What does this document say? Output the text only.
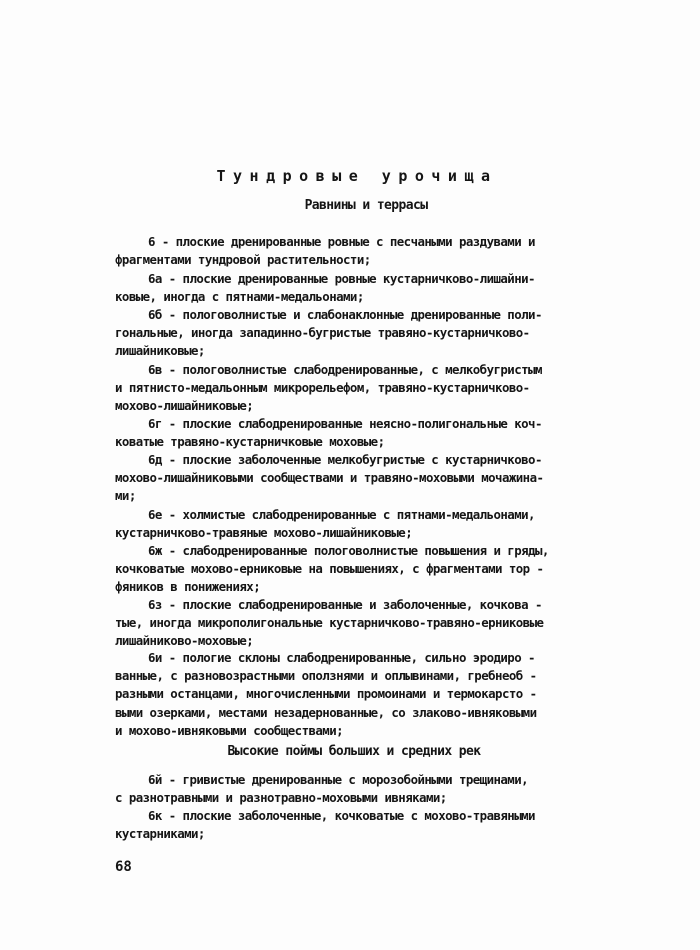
Тундровые урочища
Равнины и террасы
6 - плоские дренированные ровные с песчаными раздувами и
фрагментами тундровой растительности;
6а - плоские дренированные ровные кустарничково-лишайни-
ковые, иногда с пятнами-медальонами;
6б - пологоволнистые и слабонаклонные дренированные поли-
гональные, иногда западинно-бугристые травяно-кустарничково-
лишайниковые;
6в - пологоволнистые слабодренированные, с мелкобугристым
и пятнисто-медальонным микрорельефом, травяно-кустарничково-
мохово-лишайниковые;
6г - плоские слабодренированные неясно-полигональные коч-
коватые травяно-кустарничковые моховые;
6д - плоские заболоченные мелкобугристые с кустарничково-
мохово-лишайниковыми сообществами и травяно-моховыми мочажина-
ми;
6е - холмистые слабодренированные с пятнами-медальонами,
кустарничково-травяные мохово-лишайниковые;
6ж - слабодренированные пологоволнистые повышения и гряды,
кочковатые мохово-ерниковые на повышениях, с фрагментами тор -
фяников в понижениях;
6з - плоские слабодренированные и заболоченные, кочкова -
тые, иногда микрополигональные кустарничково-травяно-ерниковые
лишайниково-моховые;
6и - пологие склоны слабодренированные, сильно эродиро -
ванные, с разновозрастными оползнями и оплывинами, гребнеоб -
разными останцами, многочисленными промоинами и термокарсто -
выми озерками, местами незадернованные, со злаково-ивняковыми
и мохово-ивняковыми сообществами;
Высокие поймы больших и средних рек
6й - гривистые дренированные с морозобойными трещинами,
с разнотравными и разнотравно-моховыми ивняками;
6к - плоские заболоченные, кочковатые с мохово-травяными
кустарниками;
68
